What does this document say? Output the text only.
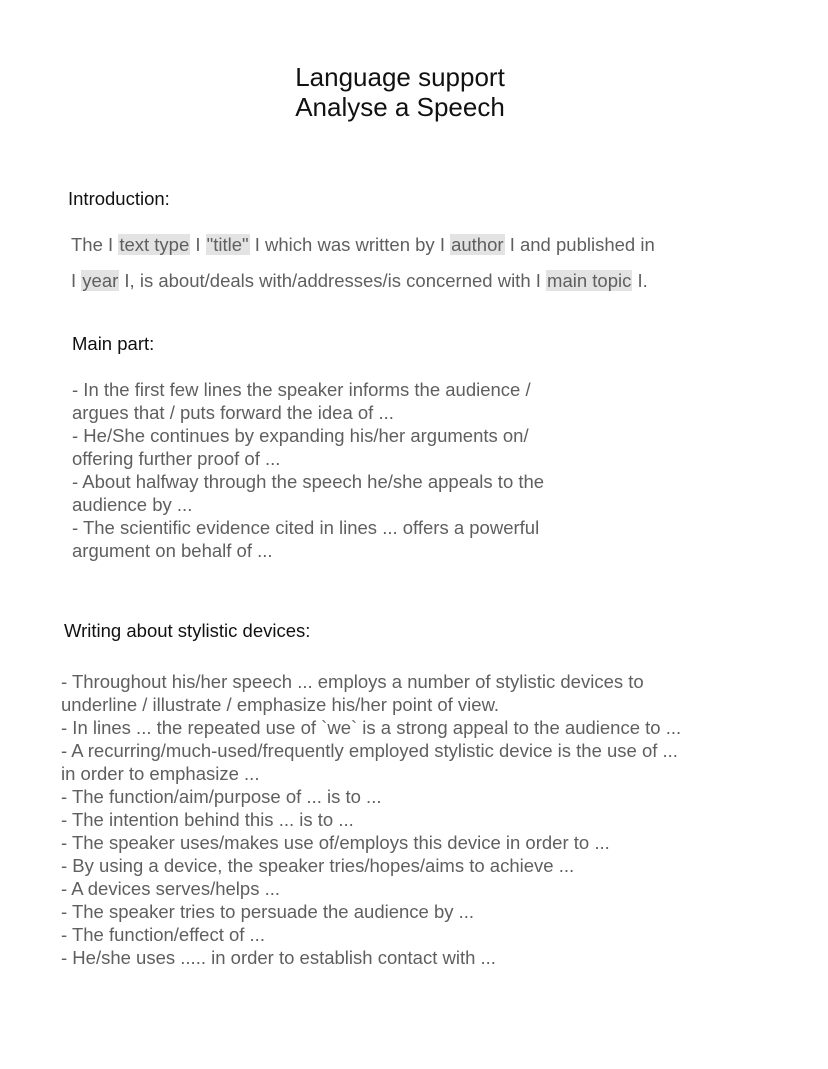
Language support
Analyse a Speech
Introduction:
The I text type I "title" I which was written by I author I and published in
I year I, is about/deals with/addresses/is concerned with I main topic I.
Main part:
- In the first few lines the speaker informs the audience /
argues that / puts forward the idea of ...
- He/She continues by expanding his/her arguments on/
offering further proof of ...
- About halfway through the speech he/she appeals to the
audience by ...
- The scientific evidence cited in lines ... offers a powerful
argument on behalf of ...
Writing about stylistic devices:
- Throughout his/her speech ... employs a number of stylistic devices to
underline / illustrate / emphasize his/her point of view.
- In lines ... the repeated use of `we` is a strong appeal to the audience to ...
- A recurring/much-used/frequently employed stylistic device is the use of ...
in order to emphasize ...
- The function/aim/purpose of ... is to ...
- The intention behind this ... is to ...
- The speaker uses/makes use of/employs this device in order to ...
- By using a device, the speaker tries/hopes/aims to achieve ...
- A devices serves/helps ...
- The speaker tries to persuade the audience by ...
- The function/effect of ...
- He/she uses ..... in order to establish contact with ...
